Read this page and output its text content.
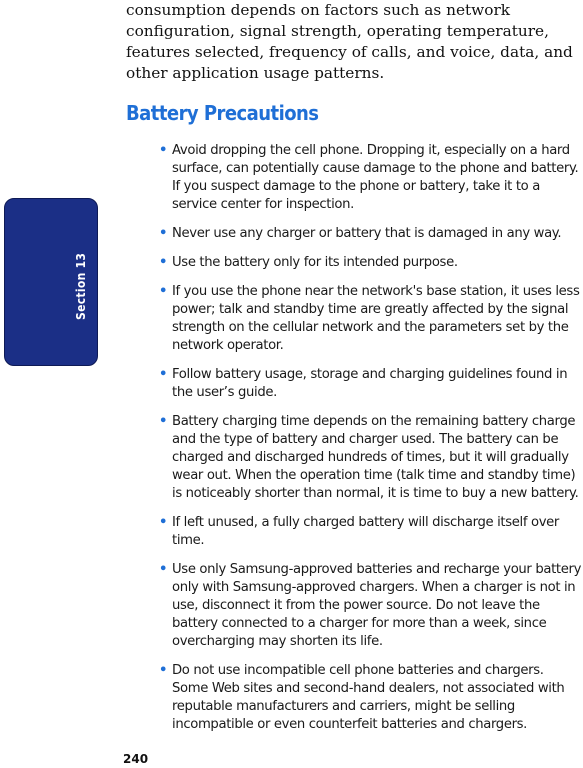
Section 13

consumption depends on factors such as network configuration, signal strength, operating temperature, features selected, frequency of calls, and voice, data, and other application usage patterns.

Battery Precautions
• Avoid dropping the cell phone. Dropping it, especially on a hard surface, can potentially cause damage to the phone and battery. If you suspect damage to the phone or battery, take it to a service center for inspection.
• Never use any charger or battery that is damaged in any way.
• Use the battery only for its intended purpose.
• If you use the phone near the network's base station, it uses less power; talk and standby time are greatly affected by the signal strength on the cellular network and the parameters set by the network operator.
• Follow battery usage, storage and charging guidelines found in the user’s guide.
• Battery charging time depends on the remaining battery charge and the type of battery and charger used. The battery can be charged and discharged hundreds of times, but it will gradually wear out. When the operation time (talk time and standby time) is noticeably shorter than normal, it is time to buy a new battery.
• If left unused, a fully charged battery will discharge itself over time.
• Use only Samsung-approved batteries and recharge your battery only with Samsung-approved chargers. When a charger is not in use, disconnect it from the power source. Do not leave the battery connected to a charger for more than a week, since overcharging may shorten its life.
• Do not use incompatible cell phone batteries and chargers. Some Web sites and second-hand dealers, not associated with reputable manufacturers and carriers, might be selling incompatible or even counterfeit batteries and chargers.
240
